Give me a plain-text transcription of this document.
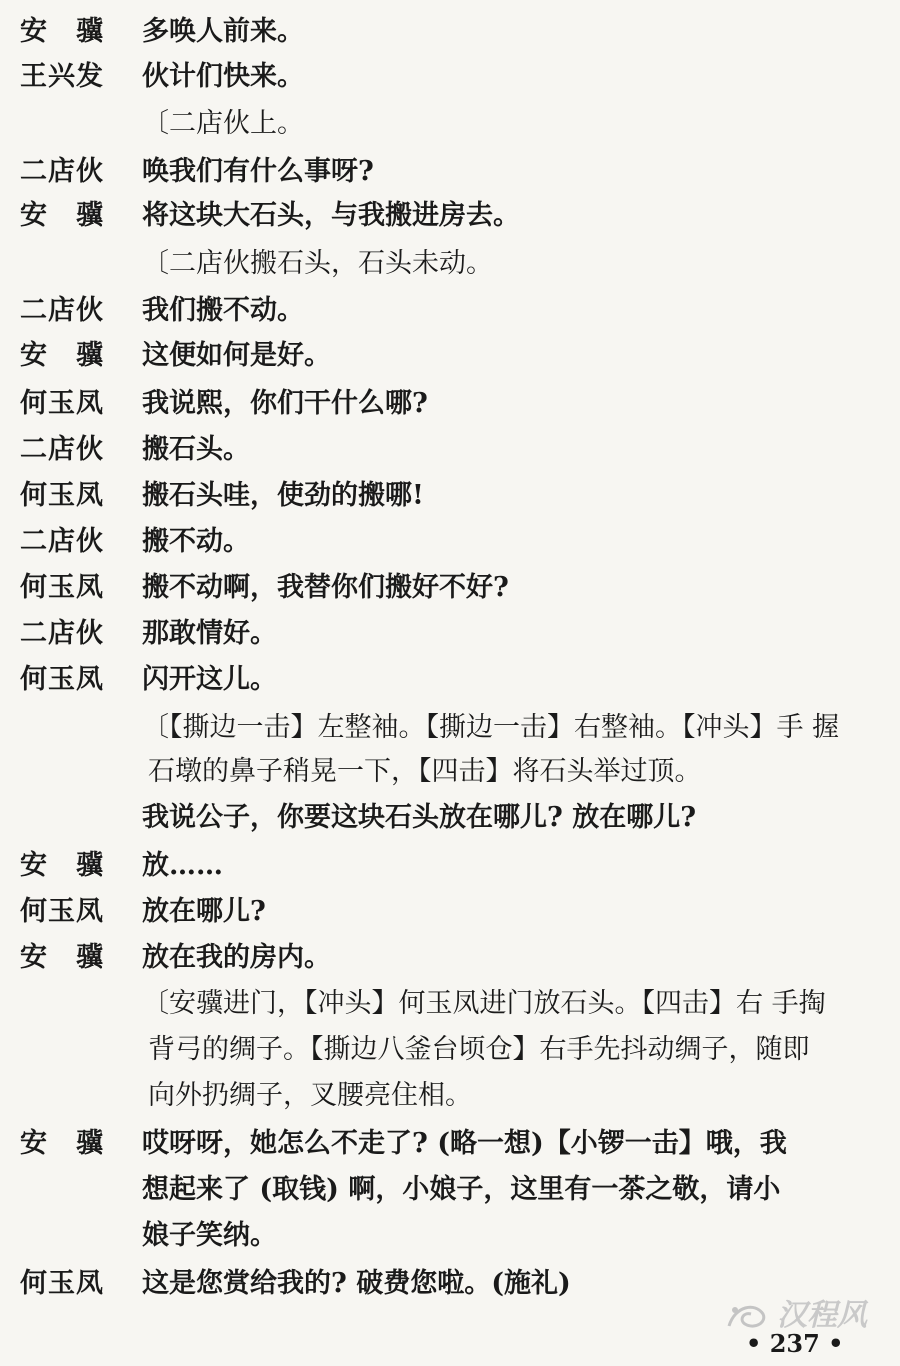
安　骥	多唤人前来。
王兴发	伙计们快来。
〔二店伙上。
二店伙	唤我们有什么事呀?
安　骥	将这块大石头，与我搬进房去。
〔二店伙搬石头，石头未动。
二店伙	我们搬不动。
安　骥	这便如何是好。
何玉凤	我说熙，你们干什么哪?
二店伙	搬石头。
何玉凤	搬石头哇，使劲的搬哪!
二店伙	搬不动。
何玉凤	搬不动啊，我替你们搬好不好?
二店伙	那敢情好。
何玉凤	闪开这儿。
〔【撕边一击】左整袖。【撕边一击】右整袖。【冲头】手 握
石墩的鼻子稍晃一下，【四击】将石头举过顶。
我说公子，你要这块石头放在哪儿? 放在哪儿?
安　骥	放……
何玉凤	放在哪儿?
安　骥	放在我的房内。
〔安骥进门，【冲头】何玉凤进门放石头。【四击】右 手掏
背弓的绸子。【撕边八釜台顷仓】右手先抖动绸子，随即
向外扔绸子，叉腰亮住相。
安　骥	哎呀呀，她怎么不走了? (略一想)【小锣一击】哦，我
想起来了 (取钱) 啊，小娘子，这里有一茶之敬，请小
娘子笑纳。
何玉凤	这是您赏给我的? 破费您啦。(施礼)
汉程风
• 237 •
